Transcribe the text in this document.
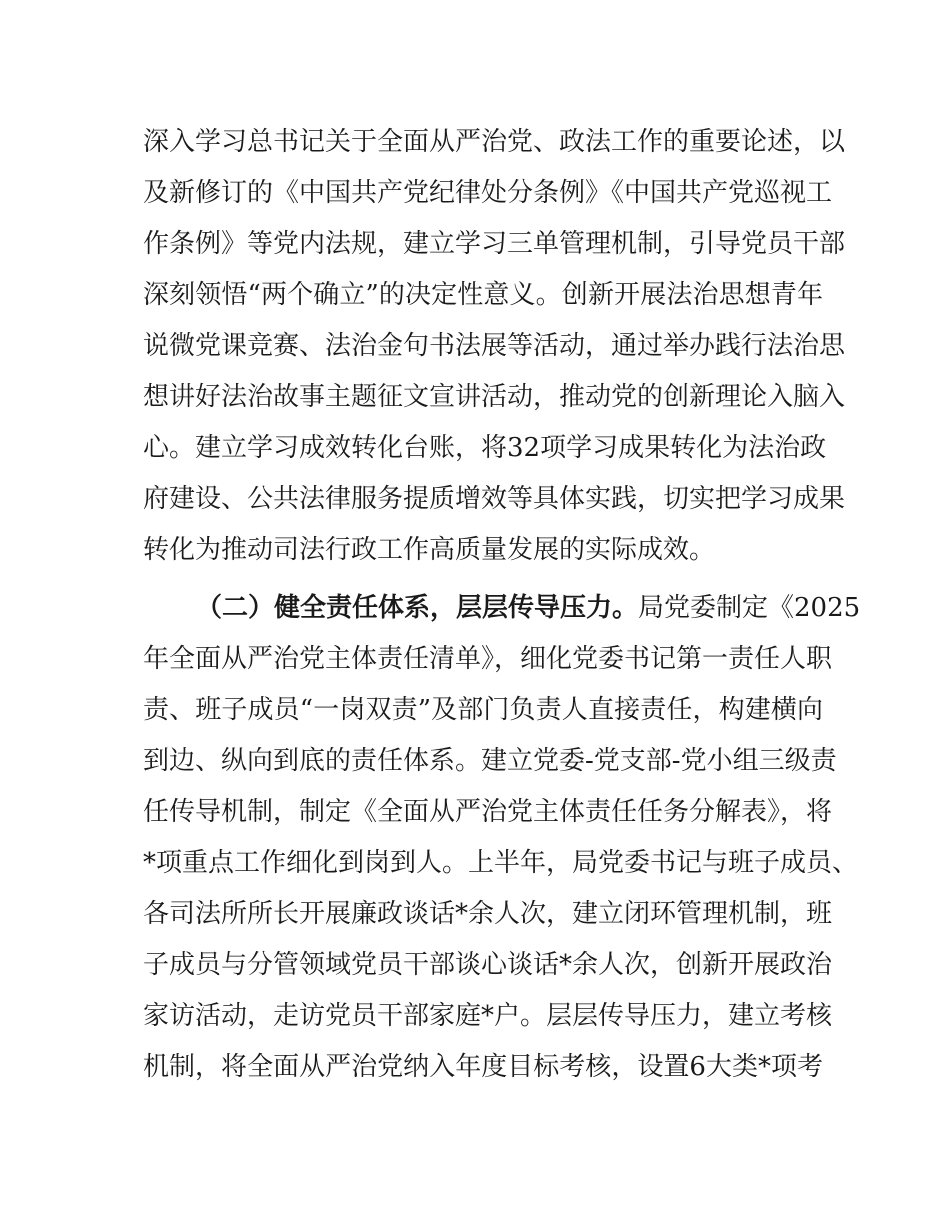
深入学习总书记关于全面从严治党、政法工作的重要论述，以

及新修订的《中国共产党纪律处分条例》《中国共产党巡视工

作条例》等党内法规，建立学习三单管理机制，引导党员干部

深刻领悟“两个确立”的决定性意义。创新开展法治思想青年

说微党课竞赛、法治金句书法展等活动，通过举办践行法治思

想讲好法治故事主题征文宣讲活动，推动党的创新理论入脑入

心。建立学习成效转化台账，将32项学习成果转化为法治政

府建设、公共法律服务提质增效等具体实践，切实把学习成果

转化为推动司法行政工作高质量发展的实际成效。

（二）健全责任体系，层层传导压力。局党委制定《2025

年全面从严治党主体责任清单》，细化党委书记第一责任人职

责、班子成员“一岗双责”及部门负责人直接责任，构建横向

到边、纵向到底的责任体系。建立党委-党支部-党小组三级责

任传导机制，制定《全面从严治党主体责任任务分解表》，将

*项重点工作细化到岗到人。上半年，局党委书记与班子成员、

各司法所所长开展廉政谈话*余人次，建立闭环管理机制，班

子成员与分管领域党员干部谈心谈话*余人次，创新开展政治

家访活动，走访党员干部家庭*户。层层传导压力，建立考核

机制，将全面从严治党纳入年度目标考核，设置6大类*项考
